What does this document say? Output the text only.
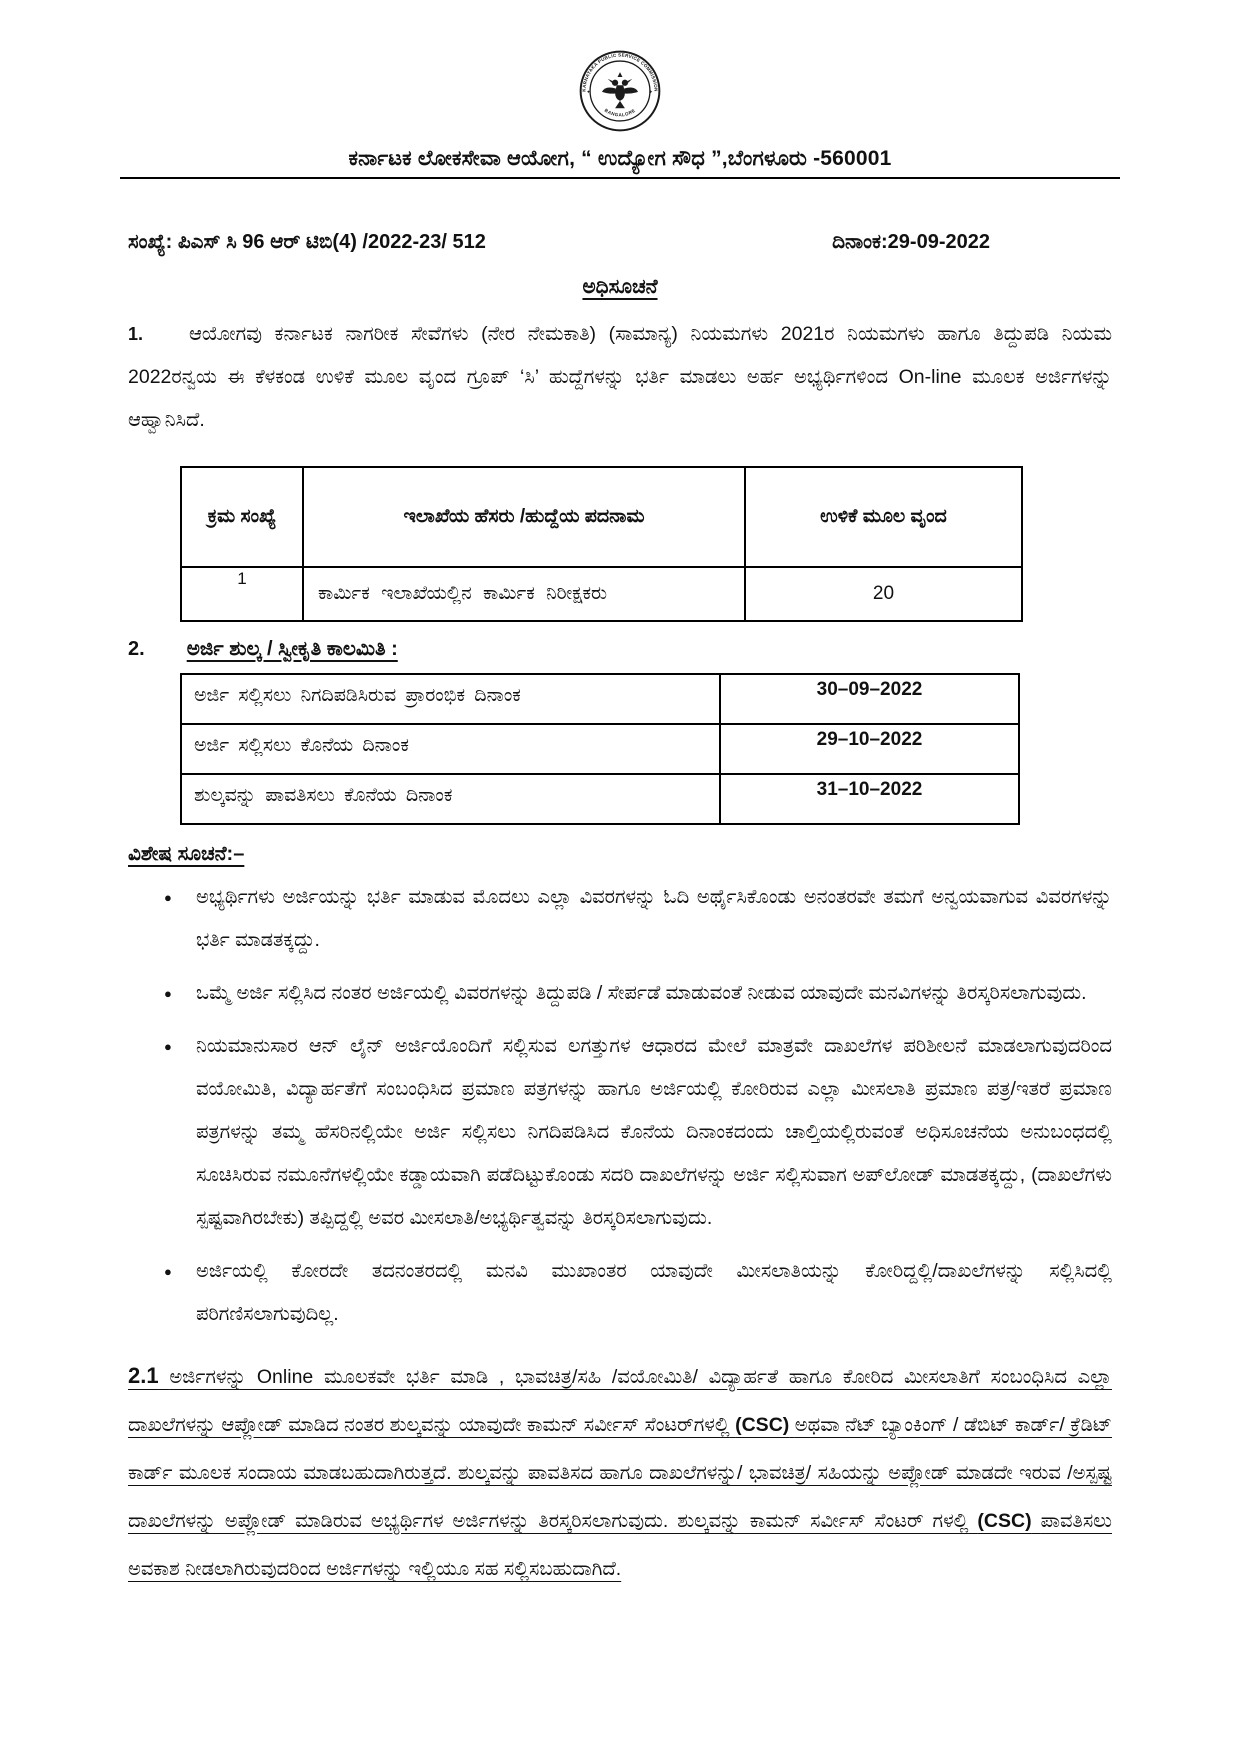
KARNATAKA PUBLIC SERVICE COMMISSION
BANGALORE
✦	✦
ಕರ್ನಾಟಕ ಲೋಕಸೇವಾ ಆಯೋಗ, “ ಉದ್ಯೋಗ ಸೌಧ ”,ಬೆಂಗಳೂರು -560001
ಸಂಖ್ಯೆ: ಪಿಎಸ್ ಸಿ 96 ಆರ್ ಟಿಬಿ(4) /2022-23/ 512	ದಿನಾಂಕ:29-09-2022
ಅಧಿಸೂಚನೆ

1. ಆಯೋಗವು ಕರ್ನಾಟಕ ನಾಗರೀಕ ಸೇವೆಗಳು (ನೇರ ನೇಮಕಾತಿ) (ಸಾಮಾನ್ಯ) ನಿಯಮಗಳು 2021ರ ನಿಯಮಗಳು ಹಾಗೂ ತಿದ್ದುಪಡಿ ನಿಯಮ 2022ರನ್ವಯ ಈ ಕೆಳಕಂಡ ಉಳಿಕೆ ಮೂಲ ವೃಂದ ಗ್ರೂಪ್ ‘ಸಿ’ ಹುದ್ದೆಗಳನ್ನು ಭರ್ತಿ ಮಾಡಲು ಅರ್ಹ ಅಭ್ಯರ್ಥಿಗಳಿಂದ On-line ಮೂಲಕ ಅರ್ಜಿಗಳನ್ನು ಆಹ್ವಾನಿಸಿದೆ.

ಕ್ರಮ ಸಂಖ್ಯೆ	ಇಲಾಖೆಯ ಹೆಸರು /ಹುದ್ದೆಯ ಪದನಾಮ	ಉಳಿಕೆ ಮೂಲ ವೃಂದ
1	ಕಾರ್ಮಿಕ ಇಲಾಖೆಯಲ್ಲಿನ ಕಾರ್ಮಿಕ ನಿರೀಕ್ಷಕರು	20
2. ಅರ್ಜಿ ಶುಲ್ಕ / ಸ್ವೀಕೃತಿ ಕಾಲಮಿತಿ :
ಅರ್ಜಿ ಸಲ್ಲಿಸಲು ನಿಗದಿಪಡಿಸಿರುವ ಪ್ರಾರಂಭಿಕ ದಿನಾಂಕ	30–09–2022
ಅರ್ಜಿ ಸಲ್ಲಿಸಲು ಕೊನೆಯ ದಿನಾಂಕ	29–10–2022
ಶುಲ್ಕವನ್ನು ಪಾವತಿಸಲು ಕೊನೆಯ ದಿನಾಂಕ	31–10–2022
ವಿಶೇಷ ಸೂಚನೆ:–
● ಅಭ್ಯರ್ಥಿಗಳು ಅರ್ಜಿಯನ್ನು ಭರ್ತಿ ಮಾಡುವ ಮೊದಲು ಎಲ್ಲಾ ವಿವರಗಳನ್ನು ಓದಿ ಅರ್ಥೈಸಿಕೊಂಡು ಅನಂತರವೇ ತಮಗೆ ಅನ್ವಯವಾಗುವ ವಿವರಗಳನ್ನು ಭರ್ತಿ ಮಾಡತಕ್ಕದ್ದು.
● ಒಮ್ಮೆ ಅರ್ಜಿ ಸಲ್ಲಿಸಿದ ನಂತರ ಅರ್ಜಿಯಲ್ಲಿ ವಿವರಗಳನ್ನು ತಿದ್ದುಪಡಿ / ಸೇರ್ಪಡೆ ಮಾಡುವಂತೆ ನೀಡುವ ಯಾವುದೇ ಮನವಿಗಳನ್ನು ತಿರಸ್ಕರಿಸಲಾಗುವುದು.
● ನಿಯಮಾನುಸಾರ ಆನ್ ಲೈನ್ ಅರ್ಜಿಯೊಂದಿಗೆ ಸಲ್ಲಿಸುವ ಲಗತ್ತುಗಳ ಆಧಾರದ ಮೇಲೆ ಮಾತ್ರವೇ ದಾಖಲೆಗಳ ಪರಿಶೀಲನೆ ಮಾಡಲಾಗುವುದರಿಂದ ವಯೋಮಿತಿ, ವಿದ್ಯಾರ್ಹತೆಗೆ ಸಂಬಂಧಿಸಿದ ಪ್ರಮಾಣ ಪತ್ರಗಳನ್ನು ಹಾಗೂ ಅರ್ಜಿಯಲ್ಲಿ ಕೋರಿರುವ ಎಲ್ಲಾ ಮೀಸಲಾತಿ ಪ್ರಮಾಣ ಪತ್ರ/ಇತರೆ ಪ್ರಮಾಣ ಪತ್ರಗಳನ್ನು ತಮ್ಮ ಹೆಸರಿನಲ್ಲಿಯೇ ಅರ್ಜಿ ಸಲ್ಲಿಸಲು ನಿಗದಿಪಡಿಸಿದ ಕೊನೆಯ ದಿನಾಂಕದಂದು ಚಾಲ್ತಿಯಲ್ಲಿರುವಂತೆ ಅಧಿಸೂಚನೆಯ ಅನುಬಂಧದಲ್ಲಿ ಸೂಚಿಸಿರುವ ನಮೂನೆಗಳಲ್ಲಿಯೇ ಕಡ್ಡಾಯವಾಗಿ ಪಡೆದಿಟ್ಟುಕೊಂಡು ಸದರಿ ದಾಖಲೆಗಳನ್ನು ಅರ್ಜಿ ಸಲ್ಲಿಸುವಾಗ ಅಪ್‌ಲೋಡ್ ಮಾಡತಕ್ಕದ್ದು, (ದಾಖಲೆಗಳು ಸ್ಪಷ್ಟವಾಗಿರಬೇಕು) ತಪ್ಪಿದ್ದಲ್ಲಿ ಅವರ ಮೀಸಲಾತಿ/ಅಭ್ಯರ್ಥಿತ್ವವನ್ನು ತಿರಸ್ಕರಿಸಲಾಗುವುದು.
● ಅರ್ಜಿಯಲ್ಲಿ ಕೋರದೇ ತದನಂತರದಲ್ಲಿ ಮನವಿ ಮುಖಾಂತರ ಯಾವುದೇ ಮೀಸಲಾತಿಯನ್ನು ಕೋರಿದ್ದಲ್ಲಿ/ದಾಖಲೆಗಳನ್ನು ಸಲ್ಲಿಸಿದಲ್ಲಿ ಪರಿಗಣಿಸಲಾಗುವುದಿಲ್ಲ.

2.1 ಅರ್ಜಿಗಳನ್ನು Online ಮೂಲಕವೇ ಭರ್ತಿ ಮಾಡಿ , ಭಾವಚಿತ್ರ/ಸಹಿ /ವಯೋಮಿತಿ/ ವಿದ್ಯಾರ್ಹತೆ ಹಾಗೂ ಕೋರಿದ ಮೀಸಲಾತಿಗೆ ಸಂಬಂಧಿಸಿದ ಎಲ್ಲಾ ದಾಖಲೆಗಳನ್ನು ಆಪ್ಲೋಡ್ ಮಾಡಿದ ನಂತರ ಶುಲ್ಕವನ್ನು ಯಾವುದೇ ಕಾಮನ್ ಸರ್ವೀಸ್ ಸೆಂಟರ್‌ಗಳಲ್ಲಿ (CSC) ಅಥವಾ ನೆಟ್ ಬ್ಯಾಂಕಿಂಗ್ / ಡೆಬಿಟ್ ಕಾರ್ಡ್/ ಕ್ರೆಡಿಟ್ ಕಾರ್ಡ್ ಮೂಲಕ ಸಂದಾಯ ಮಾಡಬಹುದಾಗಿರುತ್ತದೆ. ಶುಲ್ಕವನ್ನು ಪಾವತಿಸದ ಹಾಗೂ ದಾಖಲೆಗಳನ್ನು/ ಭಾವಚಿತ್ರ/ ಸಹಿಯನ್ನು ಅಪ್ಲೋಡ್ ಮಾಡದೇ ಇರುವ /ಅಸ್ಪಷ್ಟ ದಾಖಲೆಗಳನ್ನು ಅಪ್ಲೋಡ್ ಮಾಡಿರುವ ಅಭ್ಯರ್ಥಿಗಳ ಅರ್ಜಿಗಳನ್ನು ತಿರಸ್ಕರಿಸಲಾಗುವುದು. ಶುಲ್ಕವನ್ನು ಕಾಮನ್ ಸರ್ವೀಸ್ ಸೆಂಟರ್ ಗಳಲ್ಲಿ (CSC) ಪಾವತಿಸಲು ಅವಕಾಶ ನೀಡಲಾಗಿರುವುದರಿಂದ ಅರ್ಜಿಗಳನ್ನು ಇಲ್ಲಿಯೂ ಸಹ ಸಲ್ಲಿಸಬಹುದಾಗಿದೆ.
